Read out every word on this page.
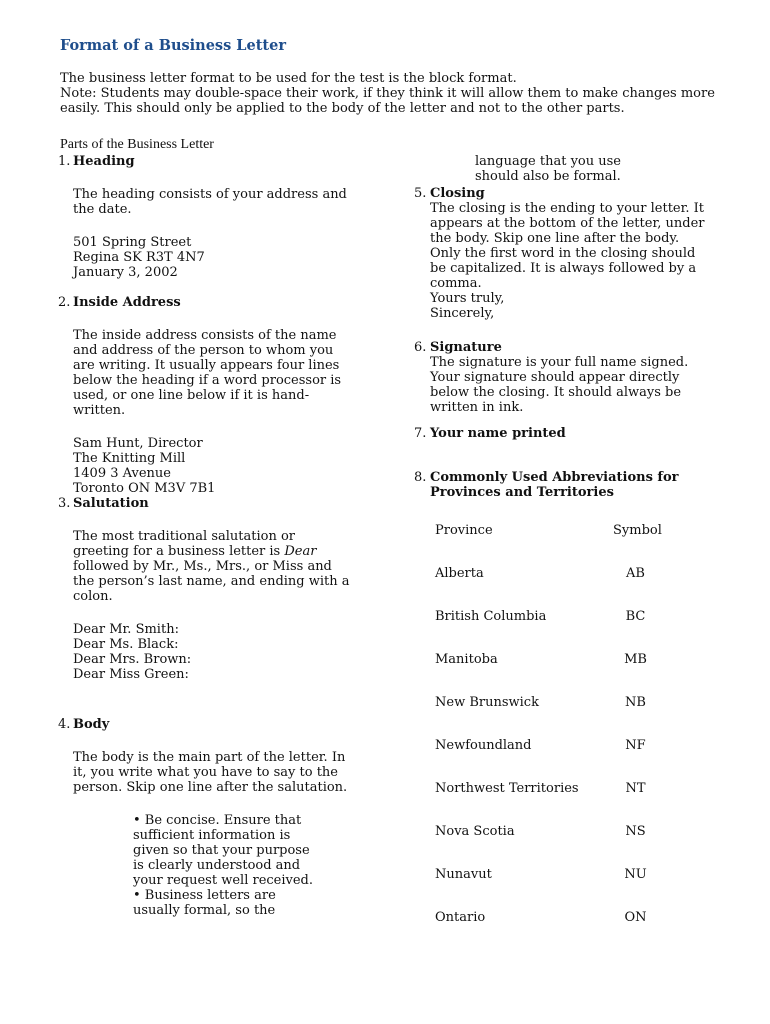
Format of a Business Letter
The business letter format to be used for the test is the block format.
Note: Students may double-space their work, if they think it will allow them to make changes more
easily. This should only be applied to the body of the letter and not to the other parts.
Parts of the Business Letter
1. Heading
The heading consists of your address and
the date.
501 Spring Street
Regina SK R3T 4N7
January 3, 2002
2. Inside Address
The inside address consists of the name
and address of the person to whom you
are writing. It usually appears four lines
below the heading if a word processor is
used, or one line below if it is hand-
written.
Sam Hunt, Director
The Knitting Mill
1409 3 Avenue
Toronto ON M3V 7B1
3. Salutation
The most traditional salutation or
greeting for a business letter is Dear
followed by Mr., Ms., Mrs., or Miss and
the person’s last name, and ending with a
colon.
Dear Mr. Smith:
Dear Ms. Black:
Dear Mrs. Brown:
Dear Miss Green:
4. Body
The body is the main part of the letter. In
it, you write what you have to say to the
person. Skip one line after the salutation.
• Be concise. Ensure that
sufficient information is
given so that your purpose
is clearly understood and
your request well received.
• Business letters are
usually formal, so the
language that you use
should also be formal.
5. Closing
The closing is the ending to your letter. It
appears at the bottom of the letter, under
the body. Skip one line after the body.
Only the first word in the closing should
be capitalized. It is always followed by a
comma.
Yours truly,
Sincerely,
6. Signature
The signature is your full name signed.
Your signature should appear directly
below the closing. It should always be
written in ink.
7. Your name printed
8. Commonly Used Abbreviations for
Provinces and Territories
Province	Symbol
Alberta	AB
British Columbia	BC
Manitoba	MB
New Brunswick	NB
Newfoundland	NF
Northwest Territories	NT
Nova Scotia	NS
Nunavut	NU
Ontario	ON
